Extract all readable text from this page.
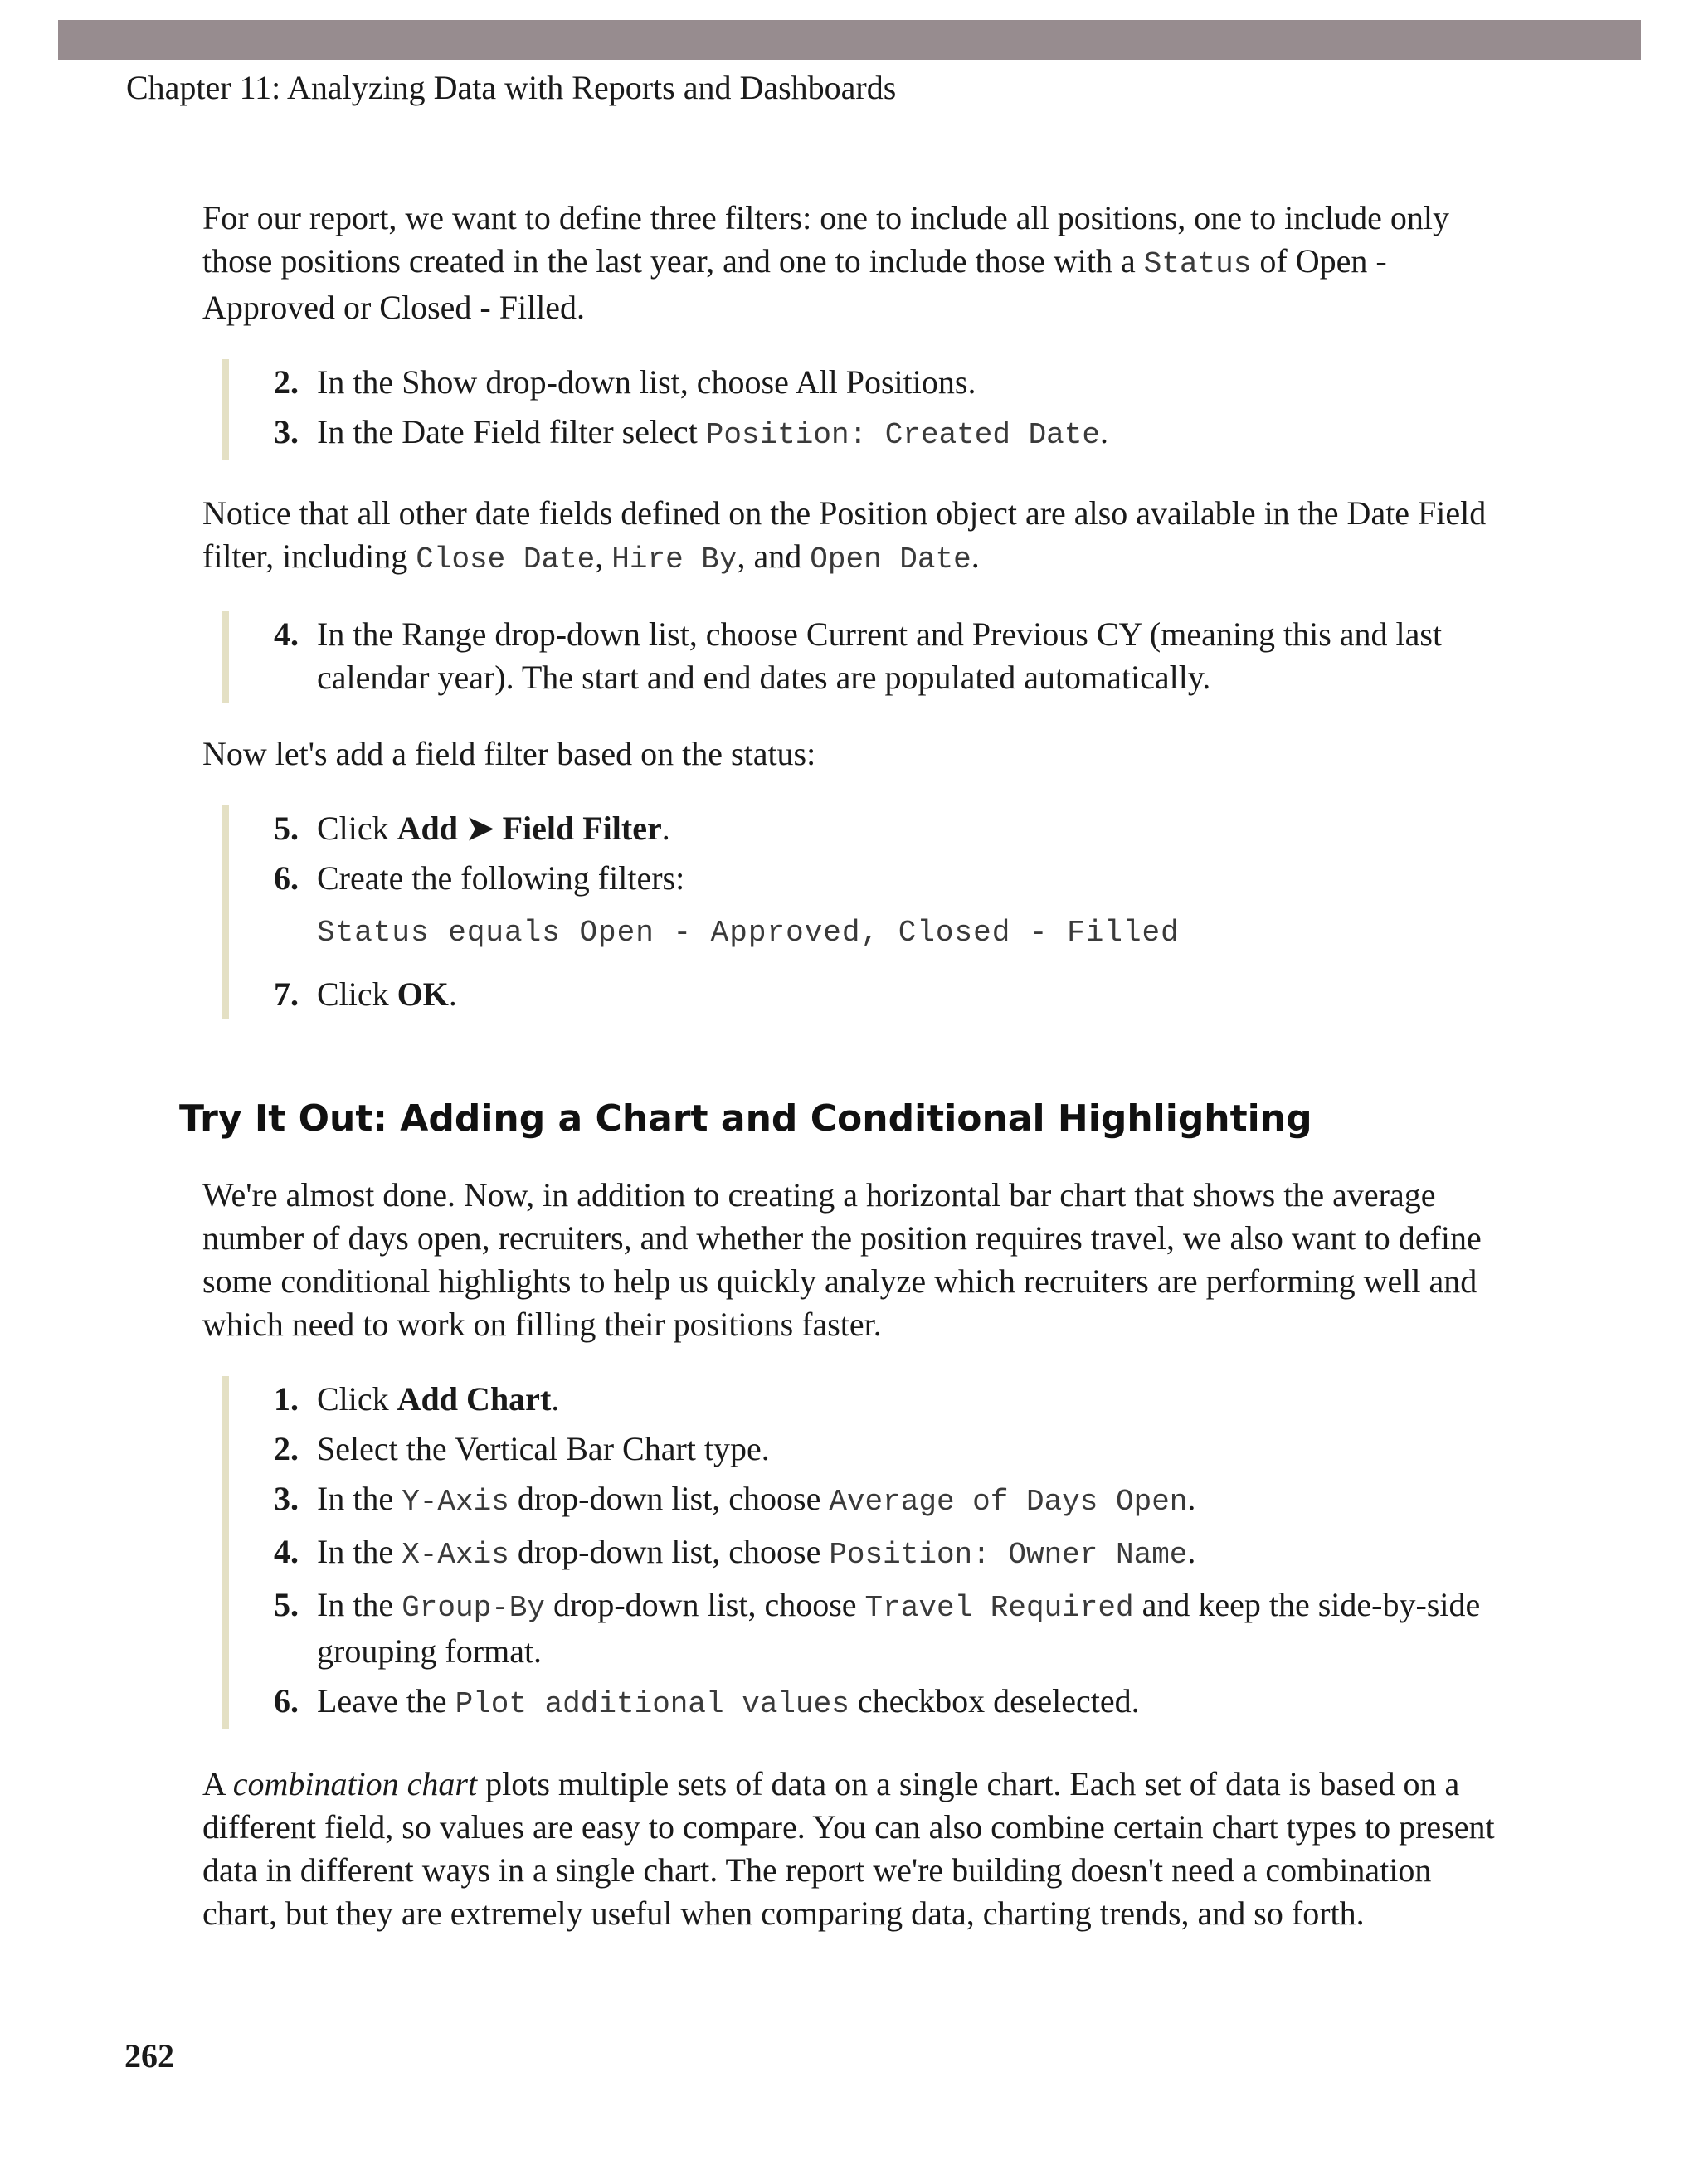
Chapter 11: Analyzing Data with Reports and Dashboards

For our report, we want to define three filters: one to include all positions, one to include only those positions created in the last year, and one to include those with a Status of Open - Approved or Closed - Filled.

2. In the Show drop-down list, choose All Positions.
3. In the Date Field filter select Position: Created Date.

Notice that all other date fields defined on the Position object are also available in the Date Field filter, including Close Date, Hire By, and Open Date.

4. In the Range drop-down list, choose Current and Previous CY (meaning this and last calendar year). The start and end dates are populated automatically.

Now let's add a field filter based on the status:

5. Click Add ➤ Field Filter.
6. Create the following filters:
Status equals Open - Approved, Closed - Filled
7. Click OK.
Try It Out: Adding a Chart and Conditional Highlighting

We're almost done. Now, in addition to creating a horizontal bar chart that shows the average number of days open, recruiters, and whether the position requires travel, we also want to define some conditional highlights to help us quickly analyze which recruiters are performing well and which need to work on filling their positions faster.

1. Click Add Chart.
2. Select the Vertical Bar Chart type.
3. In the Y-Axis drop-down list, choose Average of Days Open.
4. In the X-Axis drop-down list, choose Position: Owner Name.
5. In the Group-By drop-down list, choose Travel Required and keep the side-by-side grouping format.
6. Leave the Plot additional values checkbox deselected.

A combination chart plots multiple sets of data on a single chart. Each set of data is based on a different field, so values are easy to compare. You can also combine certain chart types to present data in different ways in a single chart. The report we're building doesn't need a combination chart, but they are extremely useful when comparing data, charting trends, and so forth.

262
